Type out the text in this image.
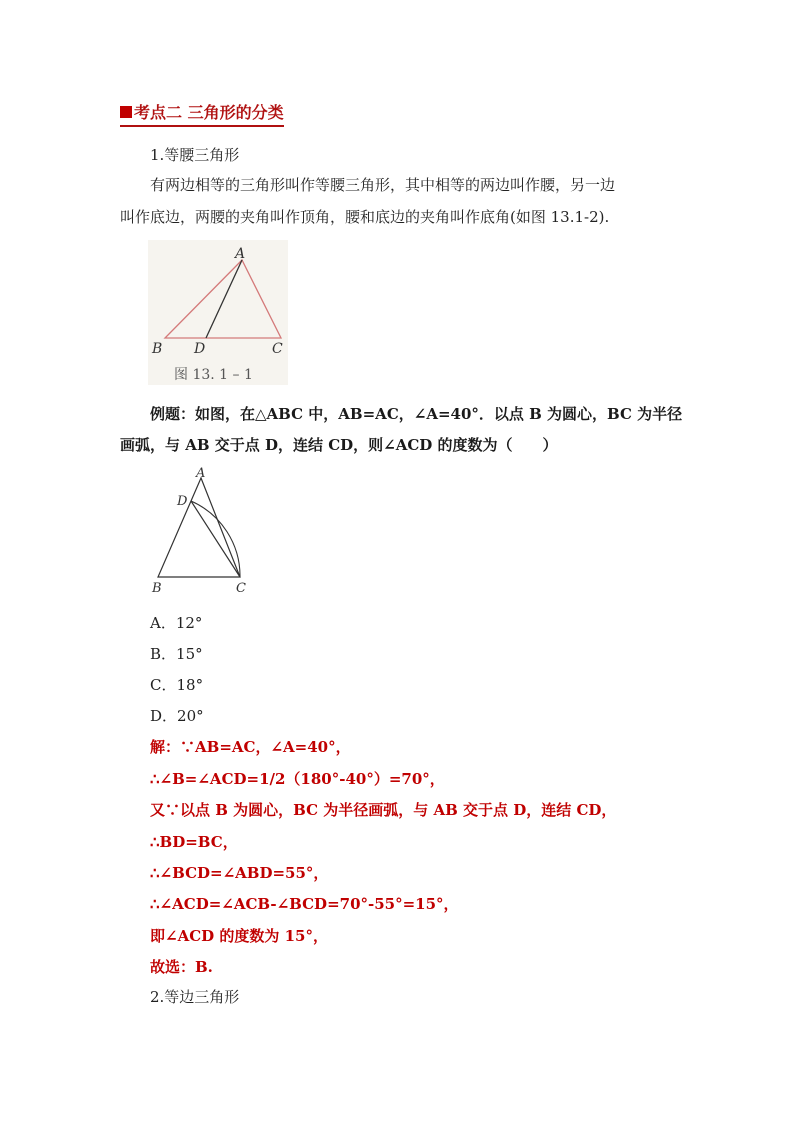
考点二 三角形的分类
1.等腰三角形
有两边相等的三角形叫作等腰三角形，其中相等的两边叫作腰，另一边
叫作底边，两腰的夹角叫作顶角，腰和底边的夹角叫作底角(如图 13.1-2).
A
B D	C
图 13. 1 – 1
例题：如图，在△ABC 中，AB=AC，∠A=40°．以点 B 为圆心，BC 为半径
画弧，与 AB 交于点 D，连结 CD，则∠ACD 的度数为（　　）
A
D
B	C
A．12°
B．15°
C．18°
D．20°
解：∵AB=AC，∠A=40°，
∴∠B=∠ACD=1/2（180°-40°）=70°，
又∵以点 B 为圆心，BC 为半径画弧，与 AB 交于点 D，连结 CD，
∴BD=BC，
∴∠BCD=∠ABD=55°，
∴∠ACD=∠ACB-∠BCD=70°-55°=15°，
即∠ACD 的度数为 15°，
故选：B.
2.等边三角形
